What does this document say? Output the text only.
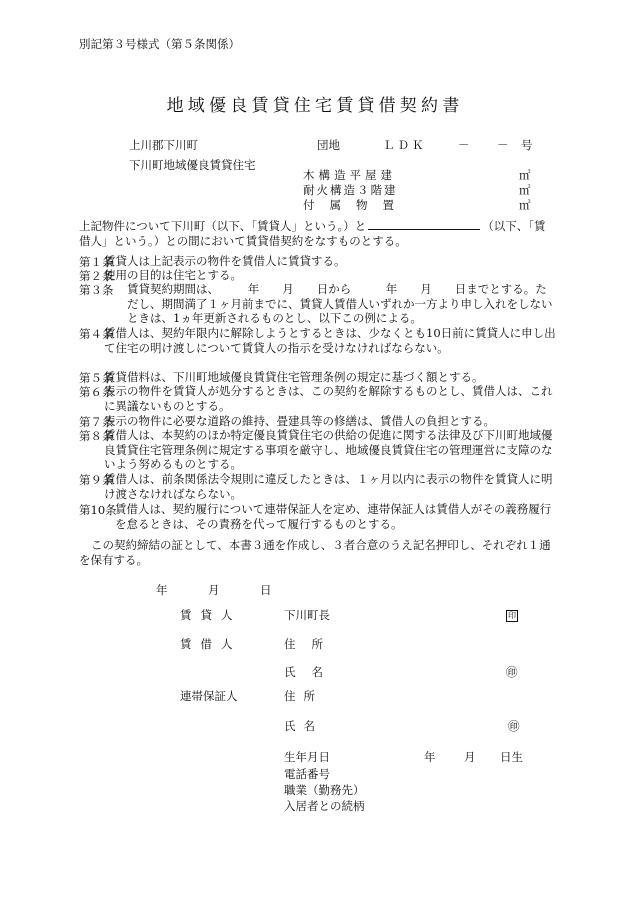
別記第３号様式（第５条関係）
地域優良賃貸住宅賃貸借契約書
上川郡下川町	団地	ＬＤＫ	－ － 号
下川町地域優良賃貸住宅
木構造平屋建	㎡
耐火構造３階建	㎡
付属物置	㎡
上記物件について下川町（以下、「賃貸人」という。）と	（以下、「賃借人」という。）との間において賃貸借契約をなすものとする。
第１条
賃貸人は上記表示の物件を賃借人に賃貸する。
第２条
使用の目的は住宅とする。
第３条 賃貸契約期間は、　　　年　　月　　日から　　　年　　月　　日までとする。ただし、期間満了１ヶ月前までに、賃貸人賃借人いずれか一方より申し入れをしないときは、1ヵ年更新されるものとし、以下この例による。
第４条
賃借人は、契約年限内に解除しようとするときは、少なくとも10日前に賃貸人に申し出て住宅の明け渡しについて賃貸人の指示を受けなければならない。
第５条
賃貸借料は、下川町地域優良賃貸住宅管理条例の規定に基づく額とする。
第６条
表示の物件を賃貸人が処分するときは、この契約を解除するものとし、賃借人は、これに異議ないものとする。
第７条
表示の物件に必要な道路の維持、畳建具等の修繕は、賃借人の負担とする。
第８条
賃借人は、本契約のほか特定優良賃貸住宅の供給の促進に関する法律及び下川町地域優良賃貸住宅管理条例に規定する事項を厳守し、地域優良賃貸住宅の管理運営に支障のないよう努めるものとする。
第９条
賃借人は、前条関係法令規則に違反したときは、１ヶ月以内に表示の物件を賃貸人に明け渡さなければならない。
第10条
賃借人は、契約履行について連帯保証人を定め、連帯保証人は賃借人がその義務履行を怠るときは、その責務を代って履行するものとする。
この契約締結の証として、本書３通を作成し、３者合意のうえ記名押印し、それぞれ１通を保有する。
年	月	日
賃貸人	下川町長	印
賃借人	住所
氏名	㊞
連帯保証人	住所
氏名	㊞
生年月日	年 月 日生
電話番号
職業（勤務先）
入居者との続柄
